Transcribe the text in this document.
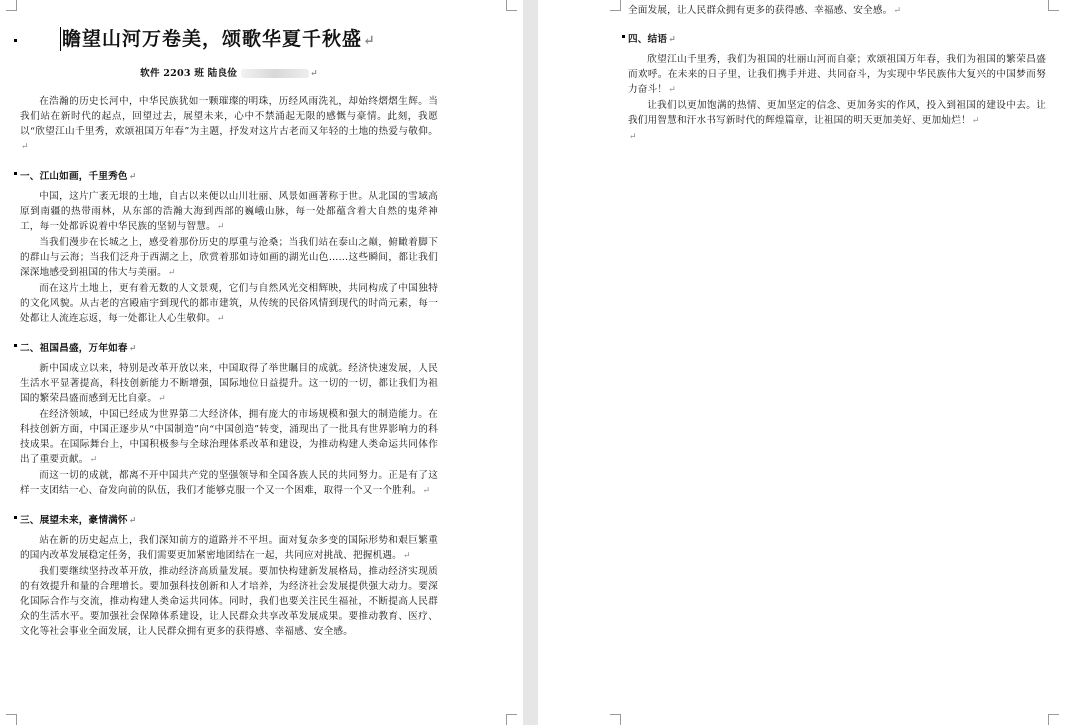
瞻望山河万卷美，颂歌华夏千秋盛↵
软件 2203 班 陆良俭	↵

在浩瀚的历史长河中，中华民族犹如一颗璀璨的明珠，历经风雨洗礼，却始终熠熠生辉。当我们站在新时代的起点，回望过去，展望未来，心中不禁涌起无限的感慨与豪情。此刻，我愿以“欣望江山千里秀，欢颂祖国万年春”为主题，抒发对这片古老而又年轻的土地的热爱与敬仰。↵

一、江山如画，千里秀色↵

中国，这片广袤无垠的土地，自古以来便以山川壮丽、风景如画著称于世。从北国的雪域高原到南疆的热带雨林，从东部的浩瀚大海到西部的巍峨山脉，每一处都蕴含着大自然的鬼斧神工，每一处都诉说着中华民族的坚韧与智慧。↵

当我们漫步在长城之上，感受着那份历史的厚重与沧桑；当我们站在泰山之巅，俯瞰着脚下的群山与云海；当我们泛舟于西湖之上，欣赏着那如诗如画的湖光山色……这些瞬间，都让我们深深地感受到祖国的伟大与美丽。↵

而在这片土地上，更有着无数的人文景观，它们与自然风光交相辉映，共同构成了中国独特的文化风貌。从古老的宫殿庙宇到现代的都市建筑，从传统的民俗风情到现代的时尚元素，每一处都让人流连忘返，每一处都让人心生敬仰。↵

二、祖国昌盛，万年如春↵

新中国成立以来，特别是改革开放以来，中国取得了举世瞩目的成就。经济快速发展，人民生活水平显著提高，科技创新能力不断增强，国际地位日益提升。这一切的一切，都让我们为祖国的繁荣昌盛而感到无比自豪。↵

在经济领域，中国已经成为世界第二大经济体，拥有庞大的市场规模和强大的制造能力。在科技创新方面，中国正逐步从“中国制造”向“中国创造”转变，涌现出了一批具有世界影响力的科技成果。在国际舞台上，中国积极参与全球治理体系改革和建设，为推动构建人类命运共同体作出了重要贡献。↵

而这一切的成就，都离不开中国共产党的坚强领导和全国各族人民的共同努力。正是有了这样一支团结一心、奋发向前的队伍，我们才能够克服一个又一个困难，取得一个又一个胜利。↵

三、展望未来，豪情满怀↵

站在新的历史起点上，我们深知前方的道路并不平坦。面对复杂多变的国际形势和艰巨繁重的国内改革发展稳定任务，我们需要更加紧密地团结在一起，共同应对挑战、把握机遇。↵

我们要继续坚持改革开放，推动经济高质量发展。要加快构建新发展格局，推动经济实现质的有效提升和量的合理增长。要加强科技创新和人才培养，为经济社会发展提供强大动力。要深化国际合作与交流，推动构建人类命运共同体。同时，我们也要关注民生福祉，不断提高人民群众的生活水平。要加强社会保障体系建设，让人民群众共享改革发展成果。要推动教育、医疗、文化等社会事业全面发展，让人民群众拥有更多的获得感、幸福感、安全感。

全面发展，让人民群众拥有更多的获得感、幸福感、安全感。↵

四、结语↵

欣望江山千里秀，我们为祖国的壮丽山河而自豪；欢颂祖国万年春，我们为祖国的繁荣昌盛而欢呼。在未来的日子里，让我们携手并进、共同奋斗，为实现中华民族伟大复兴的中国梦而努力奋斗！↵

让我们以更加饱满的热情、更加坚定的信念、更加务实的作风，投入到祖国的建设中去。让我们用智慧和汗水书写新时代的辉煌篇章，让祖国的明天更加美好、更加灿烂！↵

↵
